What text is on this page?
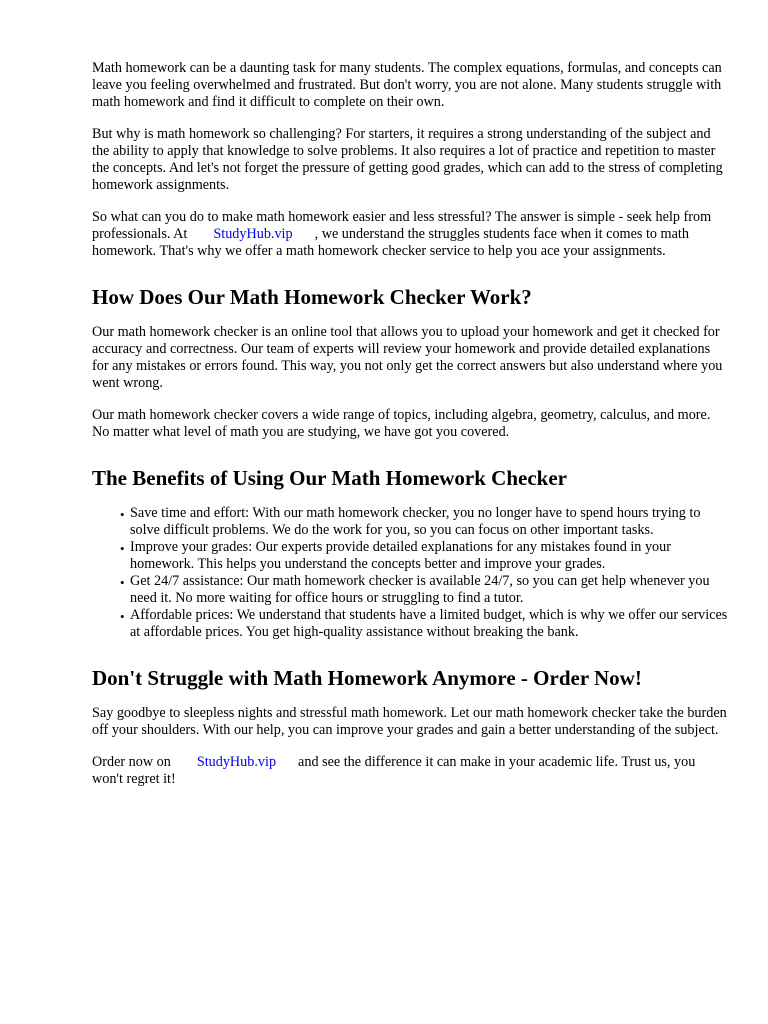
Math homework can be a daunting task for many students. The complex equations, formulas, and concepts can leave you feeling overwhelmed and frustrated. But don't worry, you are not alone. Many students struggle with math homework and find it difficult to complete on their own.

But why is math homework so challenging? For starters, it requires a strong understanding of the subject and the ability to apply that knowledge to solve problems. It also requires a lot of practice and repetition to master the concepts. And let's not forget the pressure of getting good grades, which can add to the stress of completing homework assignments.

So what can you do to make math homework easier and less stressful? The answer is simple - seek help from professionals. At StudyHub.vip , we understand the struggles students face when it comes to math homework. That's why we offer a math homework checker service to help you ace your assignments.

How Does Our Math Homework Checker Work?

Our math homework checker is an online tool that allows you to upload your homework and get it checked for accuracy and correctness. Our team of experts will review your homework and provide detailed explanations for any mistakes or errors found. This way, you not only get the correct answers but also understand where you went wrong.

Our math homework checker covers a wide range of topics, including algebra, geometry, calculus, and more. No matter what level of math you are studying, we have got you covered.

The Benefits of Using Our Math Homework Checker
• Save time and effort: With our math homework checker, you no longer have to spend hours trying to solve difficult problems. We do the work for you, so you can focus on other important tasks.
• Improve your grades: Our experts provide detailed explanations for any mistakes found in your homework. This helps you understand the concepts better and improve your grades.
• Get 24/7 assistance: Our math homework checker is available 24/7, so you can get help whenever you need it. No more waiting for office hours or struggling to find a tutor.
• Affordable prices: We understand that students have a limited budget, which is why we offer our services at affordable prices. You get high-quality assistance without breaking the bank.
Don't Struggle with Math Homework Anymore - Order Now!

Say goodbye to sleepless nights and stressful math homework. Let our math homework checker take the burden off your shoulders. With our help, you can improve your grades and gain a better understanding of the subject.

Order now on StudyHub.vip and see the difference it can make in your academic life. Trust us, you won't regret it!
